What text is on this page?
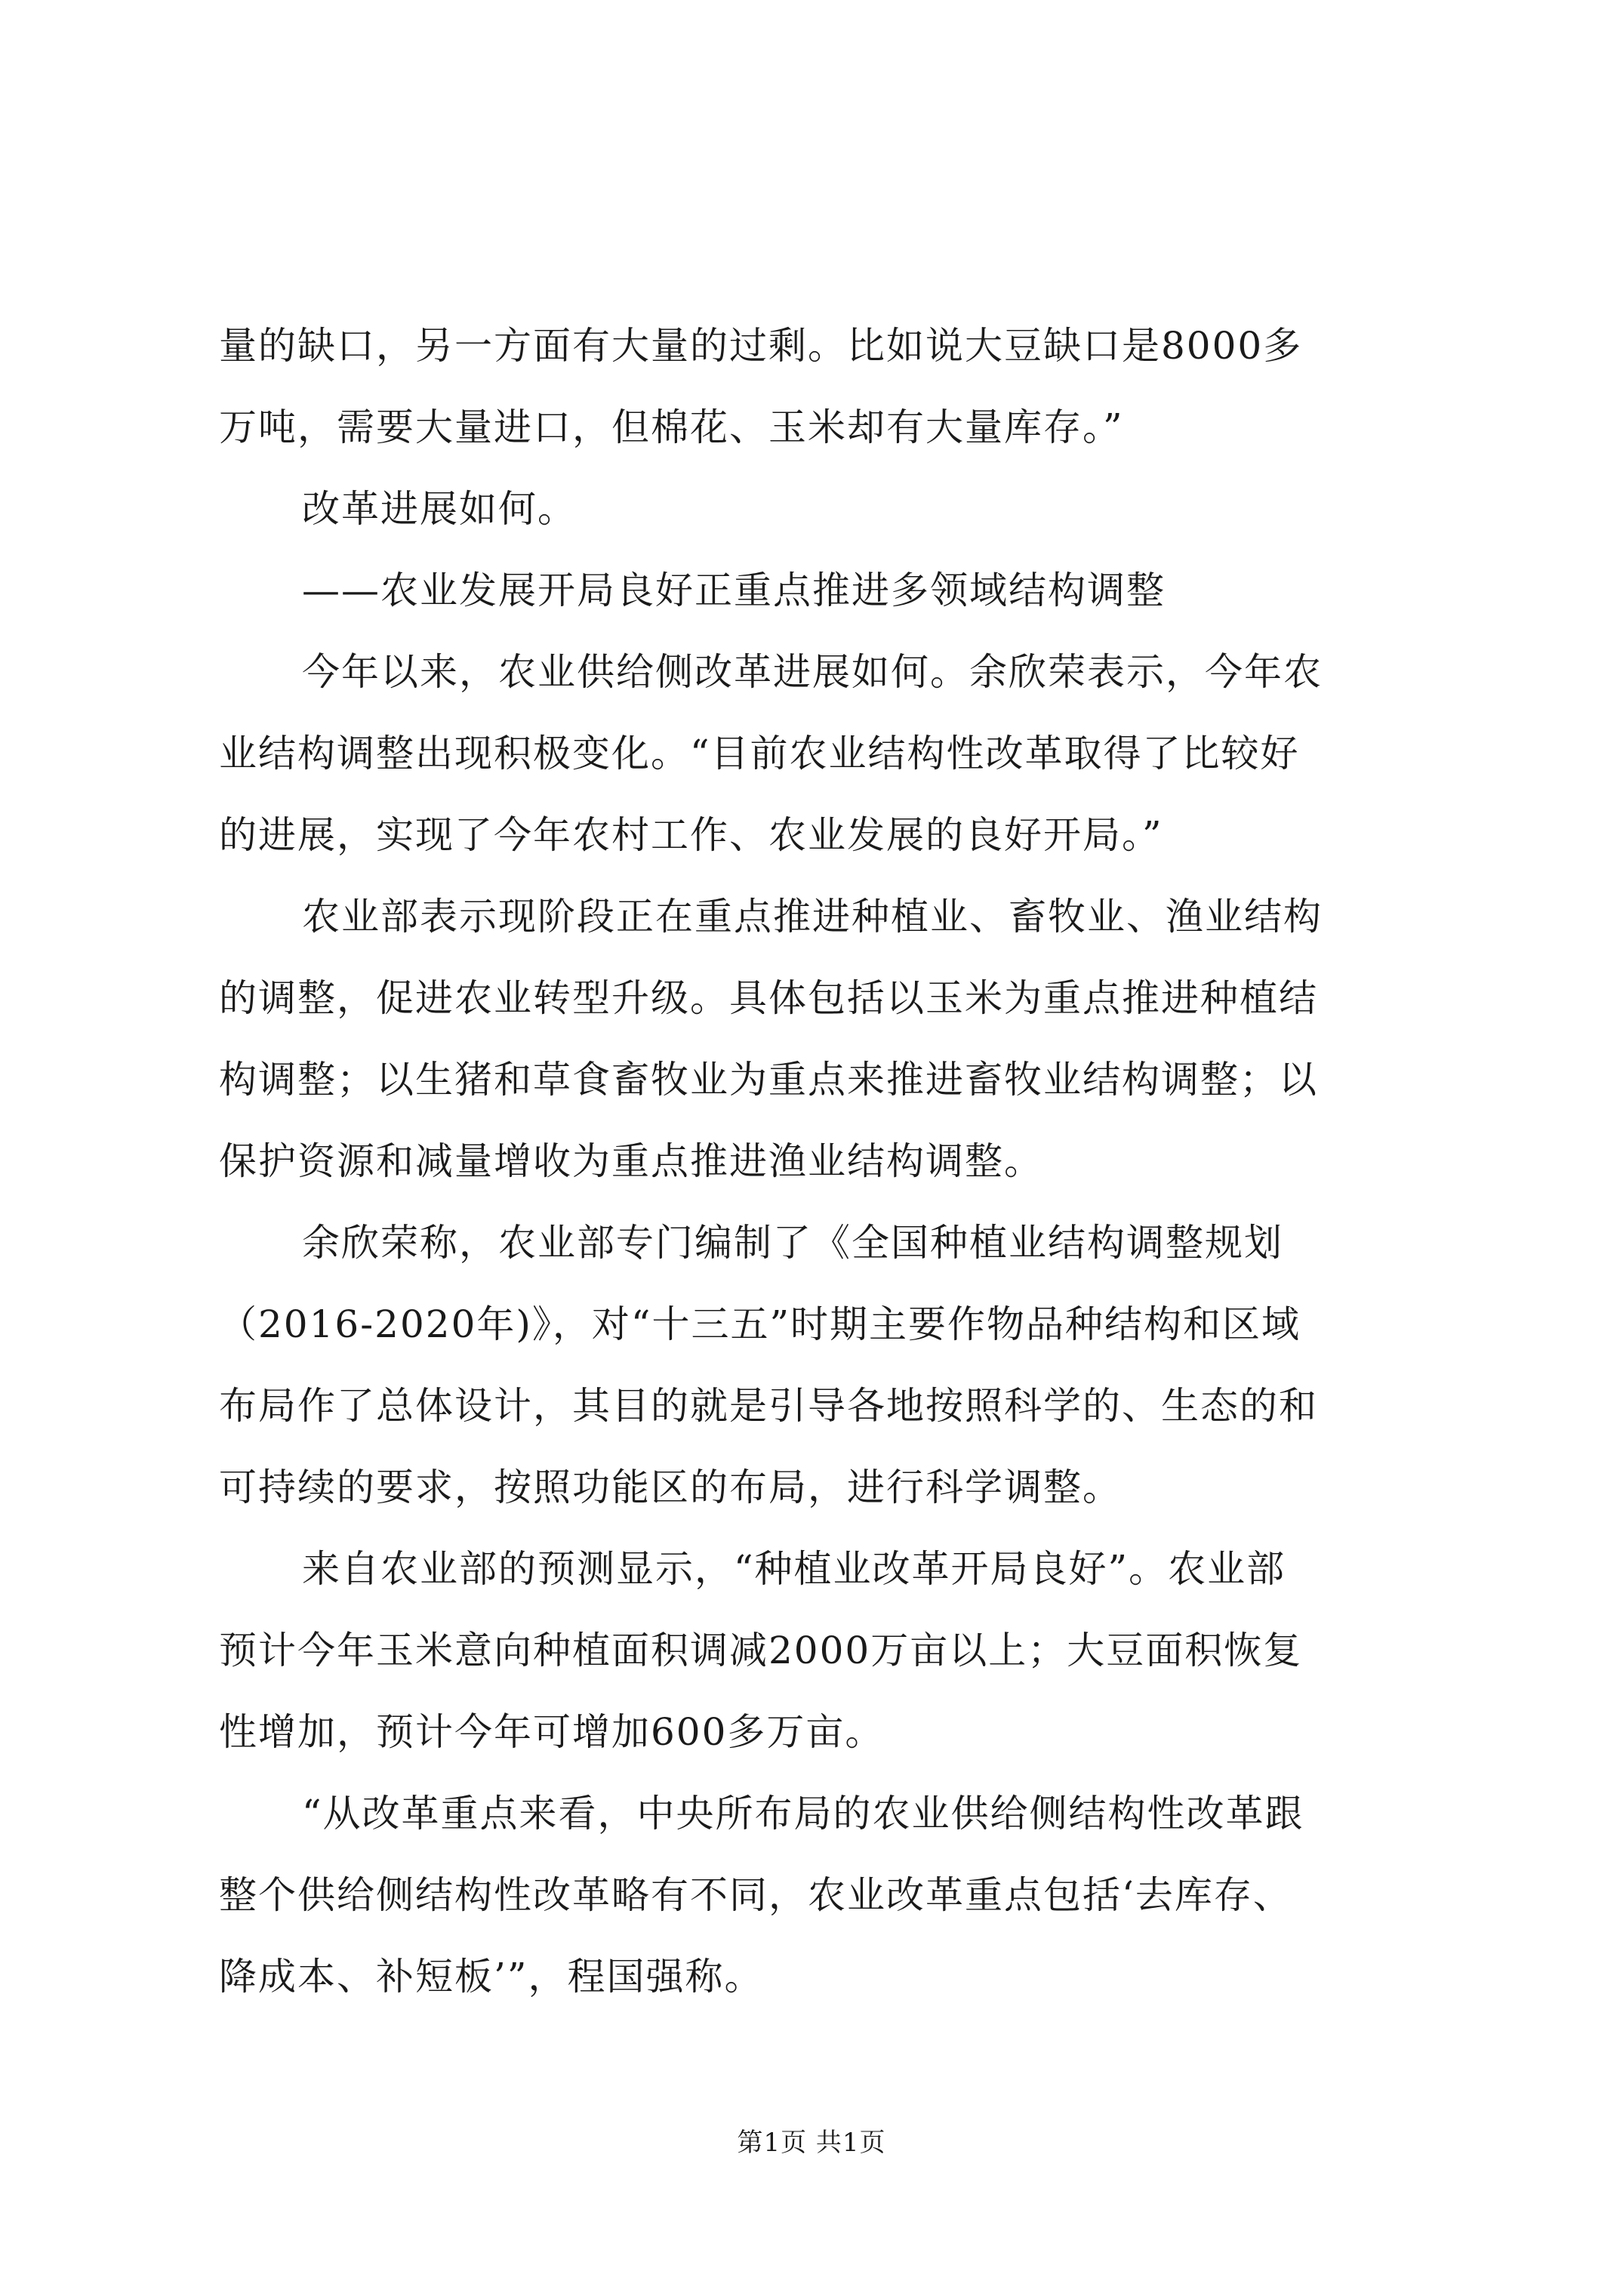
量的缺口，另一方面有大量的过剩。比如说大豆缺口是8000多
万吨，需要大量进口，但棉花、玉米却有大量库存。”
改革进展如何。
——农业发展开局良好正重点推进多领域结构调整
今年以来，农业供给侧改革进展如何。余欣荣表示，今年农
业结构调整出现积极变化。“目前农业结构性改革取得了比较好
的进展，实现了今年农村工作、农业发展的良好开局。”
农业部表示现阶段正在重点推进种植业、畜牧业、渔业结构
的调整，促进农业转型升级。具体包括以玉米为重点推进种植结
构调整；以生猪和草食畜牧业为重点来推进畜牧业结构调整；以
保护资源和减量增收为重点推进渔业结构调整。
余欣荣称，农业部专门编制了《全国种植业结构调整规划
（2016-2020年)》，对“十三五”时期主要作物品种结构和区域
布局作了总体设计，其目的就是引导各地按照科学的、生态的和
可持续的要求，按照功能区的布局，进行科学调整。
来自农业部的预测显示，“种植业改革开局良好”。农业部
预计今年玉米意向种植面积调减2000万亩以上；大豆面积恢复
性增加，预计今年可增加600多万亩。
“从改革重点来看，中央所布局的农业供给侧结构性改革跟
整个供给侧结构性改革略有不同，农业改革重点包括‘去库存、
降成本、补短板’”，程国强称。
第1页 共1页
